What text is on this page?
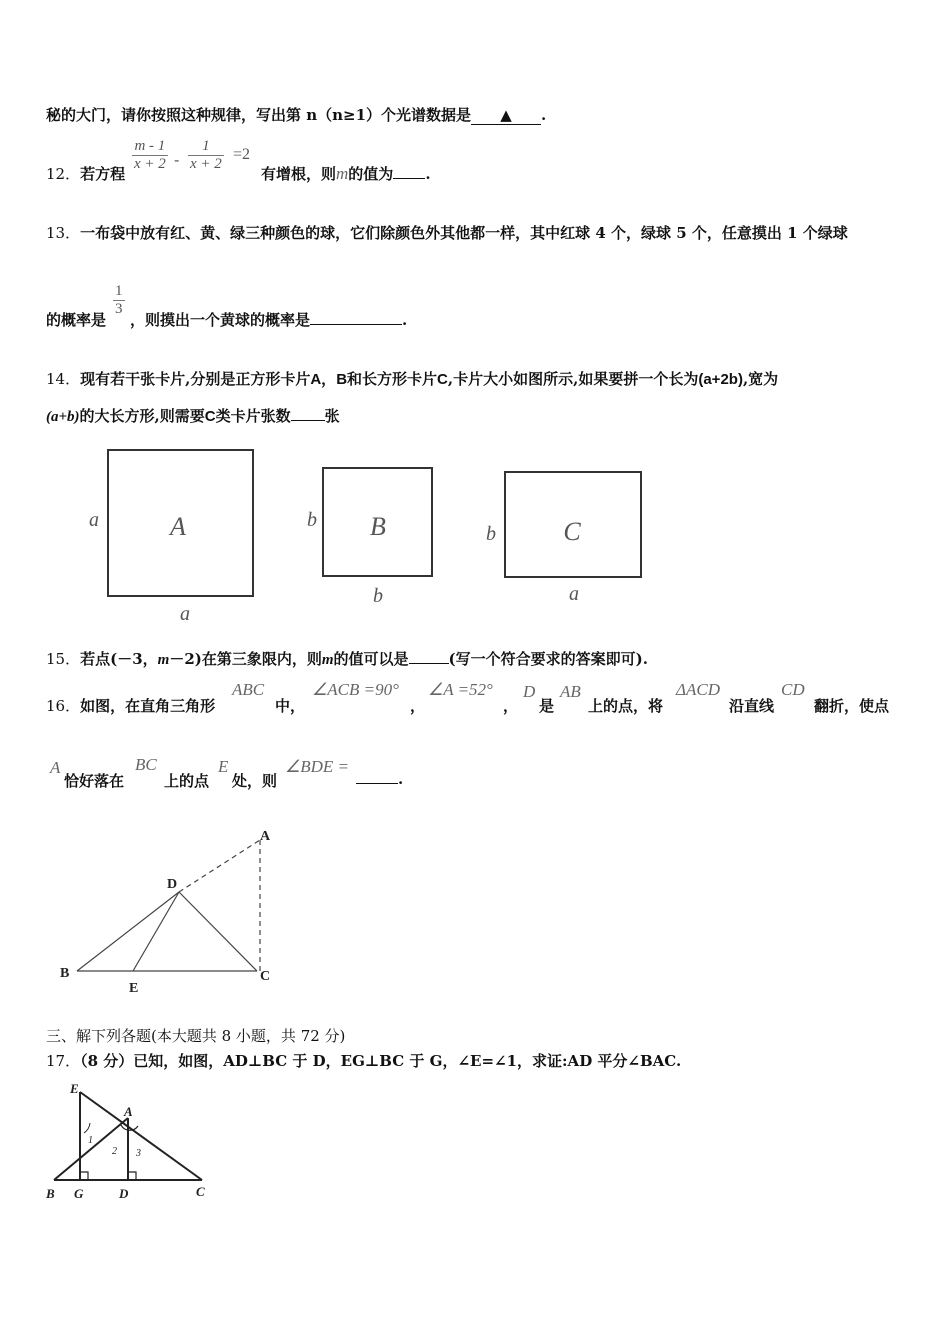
秘的大门，请你按照这种规律，写出第 n（n≥1）个光谱数据是 ▲ .
12．若方程
$\frac{m - 1}{x + 2} - \frac{1}{x + 2} =2$
有增根，则m的值为 .
13．一布袋中放有红、黄、绿三种颜色的球，它们除颜色外其他都一样，其中红球 4 个，绿球 5 个，任意摸出 1 个绿球
的概率是
$\frac{1}{3}$
，则摸出一个黄球的概率是	.
14．现有若干张卡片,分别是正方形卡片A，B和长方形卡片C,卡片大小如图所示,如果要拼一个长为(a+2b),宽为
(a+b)的大长方形,则需要C类卡片张数 张
A
a
a
B
b
b
C
b
a
15．若点(－3，m－2)在第三象限内，则m的值可以是	(写一个符合要求的答案即可).
16．如图，在直角三角形
ABC
中，
∠ACB =90°
，
∠A =52°
，
D
是
AB
上的点，将
ΔACD
沿直线
CD
翻折，使点
A
恰好落在
BC
上的点
E
处，则
∠BDE =
.
A
B	C
D
E
三、解下列各题(本大题共 8 小题，共 72 分)
17．（8 分）已知，如图，AD⊥BC 于 D，EG⊥BC 于 G，∠E=∠1，求证:AD 平分∠BAC.
E
A
B G	D	C
1
2 3
